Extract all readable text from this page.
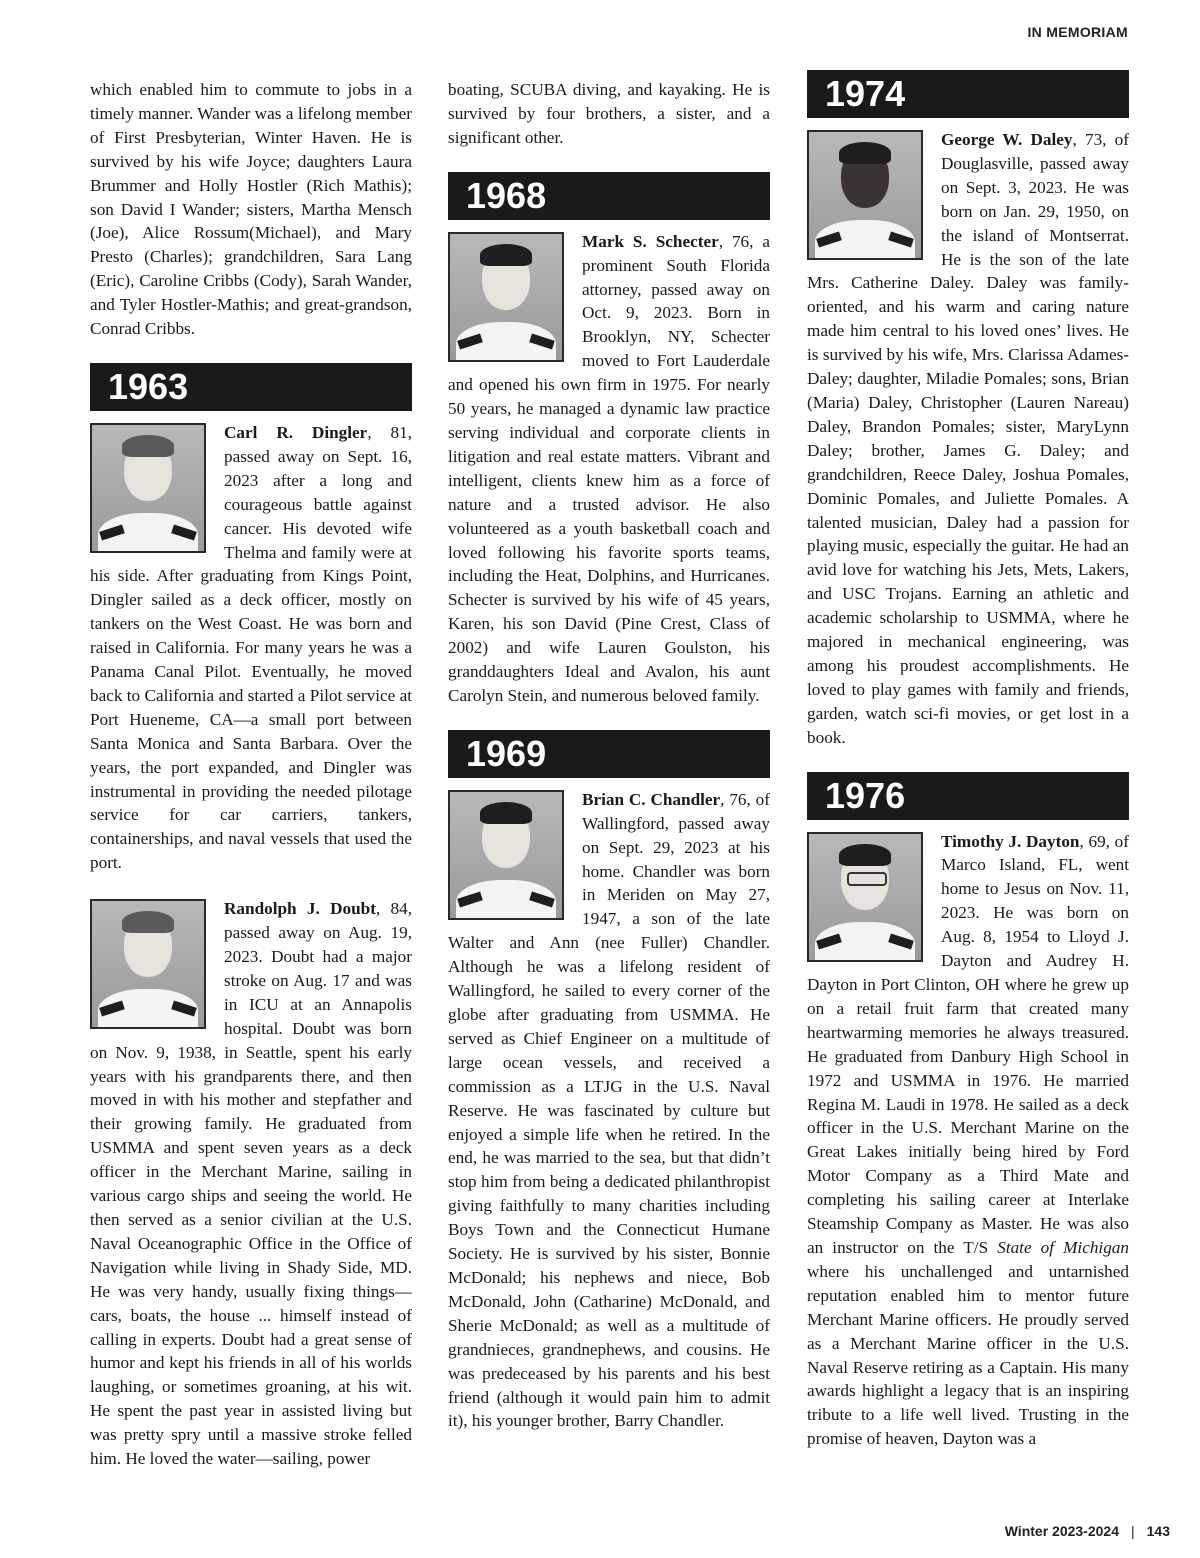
IN MEMORIAM

which enabled him to commute to jobs in a timely manner. Wander was a lifelong member of First Presbyterian, Winter Haven. He is survived by his wife Joyce; daughters Laura Brummer and Holly Hostler (Rich Mathis); son David I Wander; sisters, Martha Mensch (Joe), Alice Rossum(Michael), and Mary Presto (Charles); grandchildren, Sara Lang (Eric), Caroline Cribbs (Cody), Sarah Wander, and Tyler Hostler-Mathis; and great-grandson, Conrad Cribbs.

1963

Carl R. Dingler, 81, passed away on Sept. 16, 2023 after a long and courageous battle against cancer. His devoted wife Thelma and family were at his side. After graduating from Kings Point, Dingler sailed as a deck officer, mostly on tankers on the West Coast. He was born and raised in California. For many years he was a Panama Canal Pilot. Eventually, he moved back to California and started a Pilot service at Port Hueneme, CA—a small port between Santa Monica and Santa Barbara. Over the years, the port expanded, and Dingler was instrumental in providing the needed pilotage service for car carriers, tankers, containerships, and naval vessels that used the port.

Randolph J. Doubt, 84, passed away on Aug. 19, 2023. Doubt had a major stroke on Aug. 17 and was in ICU at an Annapolis hospital. Doubt was born on Nov. 9, 1938, in Seattle, spent his early years with his grandparents there, and then moved in with his mother and stepfather and their growing family. He graduated from USMMA and spent seven years as a deck officer in the Merchant Marine, sailing in various cargo ships and seeing the world. He then served as a senior civilian at the U.S. Naval Oceanographic Office in the Office of Navigation while living in Shady Side, MD. He was very handy, usually fixing things—cars, boats, the house ... himself instead of calling in experts. Doubt had a great sense of humor and kept his friends in all of his worlds laughing, or sometimes groaning, at his wit. He spent the past year in assisted living but was pretty spry until a massive stroke felled him. He loved the water—sailing, power

boating, SCUBA diving, and kayaking. He is survived by four brothers, a sister, and a significant other.

1968

Mark S. Schecter, 76, a prominent South Florida attorney, passed away on Oct. 9, 2023. Born in Brooklyn, NY, Schecter moved to Fort Lauderdale and opened his own firm in 1975. For nearly 50 years, he managed a dynamic law practice serving individual and corporate clients in litigation and real estate matters. Vibrant and intelligent, clients knew him as a force of nature and a trusted advisor. He also volunteered as a youth basketball coach and loved following his favorite sports teams, including the Heat, Dolphins, and Hurricanes. Schecter is survived by his wife of 45 years, Karen, his son David (Pine Crest, Class of 2002) and wife Lauren Goulston, his granddaughters Ideal and Avalon, his aunt Carolyn Stein, and numerous beloved family.

1969

Brian C. Chandler, 76, of Wallingford, passed away on Sept. 29, 2023 at his home. Chandler was born in Meriden on May 27, 1947, a son of the late Walter and Ann (nee Fuller) Chandler. Although he was a lifelong resident of Wallingford, he sailed to every corner of the globe after graduating from USMMA. He served as Chief Engineer on a multitude of large ocean vessels, and received a commission as a LTJG in the U.S. Naval Reserve. He was fascinated by culture but enjoyed a simple life when he retired. In the end, he was married to the sea, but that didn’t stop him from being a dedicated philanthropist giving faithfully to many charities including Boys Town and the Connecticut Humane Society. He is survived by his sister, Bonnie McDonald; his nephews and niece, Bob McDonald, John (Catharine) McDonald, and Sherie McDonald; as well as a multitude of grandnieces, grandnephews, and cousins. He was predeceased by his parents and his best friend (although it would pain him to admit it), his younger brother, Barry Chandler.

1974

George W. Daley, 73, of Douglasville, passed away on Sept. 3, 2023. He was born on Jan. 29, 1950, on the island of Montserrat. He is the son of the late Mrs. Catherine Daley. Daley was family-oriented, and his warm and caring nature made him central to his loved ones’ lives. He is survived by his wife, Mrs. Clarissa Adames-Daley; daughter, Miladie Pomales; sons, Brian (Maria) Daley, Christopher (Lauren Nareau) Daley, Brandon Pomales; sister, MaryLynn Daley; brother, James G. Daley; and grandchildren, Reece Daley, Joshua Pomales, Dominic Pomales, and Juliette Pomales. A talented musician, Daley had a passion for playing music, especially the guitar. He had an avid love for watching his Jets, Mets, Lakers, and USC Trojans. Earning an athletic and academic scholarship to USMMA, where he majored in mechanical engineering, was among his proudest accomplishments. He loved to play games with family and friends, garden, watch sci-fi movies, or get lost in a book.

1976

Timothy J. Dayton, 69, of Marco Island, FL, went home to Jesus on Nov. 11, 2023. He was born on Aug. 8, 1954 to Lloyd J. Dayton and Audrey H. Dayton in Port Clinton, OH where he grew up on a retail fruit farm that created many heartwarming memories he always treasured. He graduated from Danbury High School in 1972 and USMMA in 1976. He married Regina M. Laudi in 1978. He sailed as a deck officer in the U.S. Merchant Marine on the Great Lakes initially being hired by Ford Motor Company as a Third Mate and completing his sailing career at Interlake Steamship Company as Master. He was also an instructor on the T/S State of Michigan where his unchallenged and untarnished reputation enabled him to mentor future Merchant Marine officers. He proudly served as a Merchant Marine officer in the U.S. Naval Reserve retiring as a Captain. His many awards highlight a legacy that is an inspiring tribute to a life well lived. Trusting in the promise of heaven, Dayton was a

Winter 2023-2024 | 143
